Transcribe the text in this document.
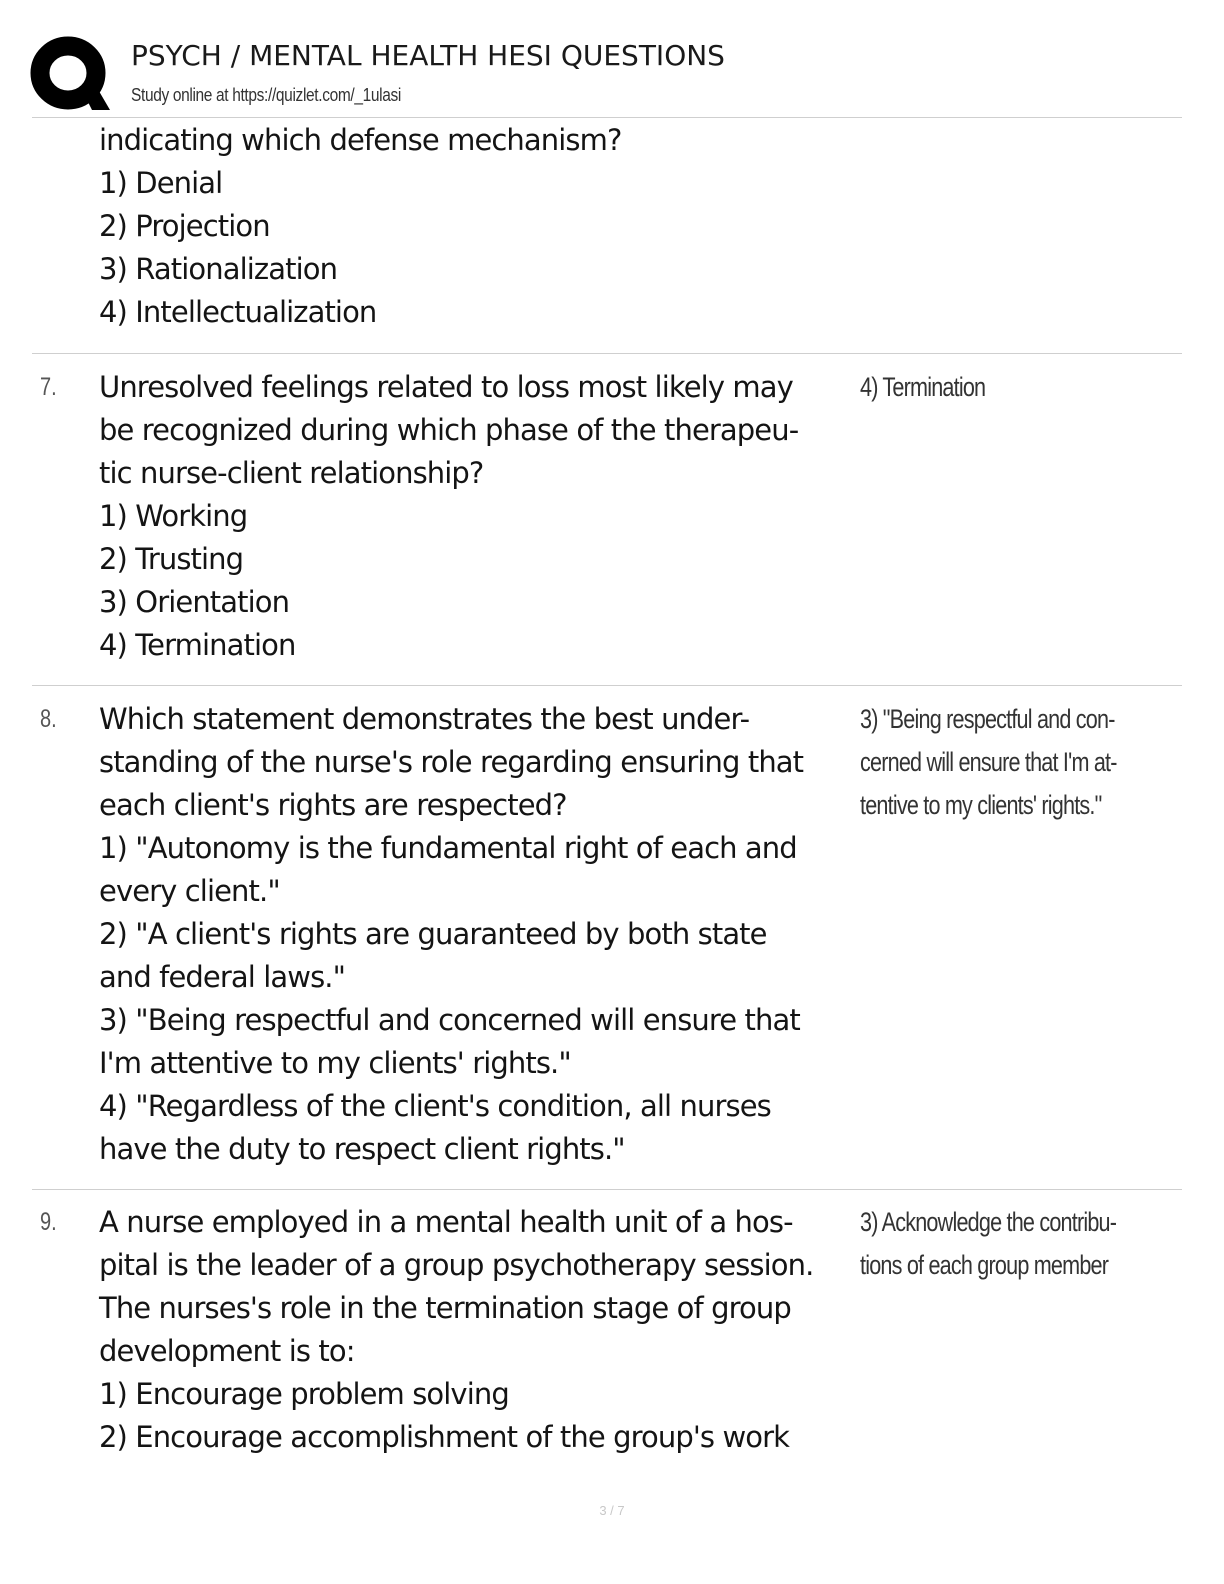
PSYCH / MENTAL HEALTH HESI QUESTIONS
Study online at https://quizlet.com/_1ulasi
indicating which defense mechanism?
1) Denial
2) Projection
3) Rationalization
4) Intellectualization
7. Unresolved feelings related to loss most likely may
be recognized during which phase of the therapeu-
tic nurse-client relationship?
1) Working
2) Trusting
3) Orientation
4) Termination
4) Termination
8. Which statement demonstrates the best under-
standing of the nurse's role regarding ensuring that
each client's rights are respected?
1) "Autonomy is the fundamental right of each and
every client."
2) "A client's rights are guaranteed by both state
and federal laws."
3) "Being respectful and concerned will ensure that
I'm attentive to my clients' rights."
4) "Regardless of the client's condition, all nurses
have the duty to respect client rights."
3) "Being respectful and con-
cerned will ensure that I'm at-
tentive to my clients' rights."
9. A nurse employed in a mental health unit of a hos-
pital is the leader of a group psychotherapy session.
The nurses's role in the termination stage of group
development is to:
1) Encourage problem solving
2) Encourage accomplishment of the group's work
3) Acknowledge the contribu-
tions of each group member
3 / 7
